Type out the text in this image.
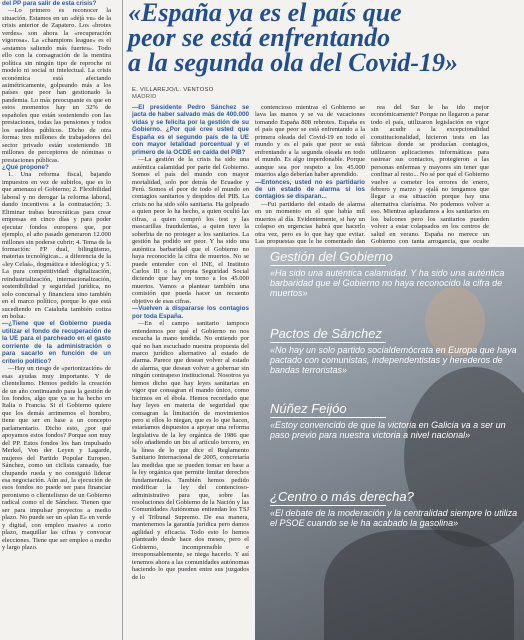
«España ya es el país que
peor se está enfrentando
a la segunda ola del Covid-19»
E. VILLAREJO/L. VENTOSO
MADRID

del PP para salir de esta crisis?

—Lo primero es reconocer la situación. Estamos en un «déjà vu» de la crisis anterior de Zapatero. Los «brotes verdes» son ahora la «recuperación vigorosa». La «champions league» es el «estamos saliendo más fuertes». Todo ello con la consagración de la mentira política sin ningún tipo de reproche ni modelo ni social ni intelectual. La crisis económica está afectando asimétricamente, golpeando más a los países que peor han gestionado la pandemia. Lo más preocupante es que en estos momentos hay un 32% de españoles que están sosteniendo con las prestaciones, todas las pensiones y todos los sueldos públicos. Dicho de otra forma: tres millones de trabajadores del sector privado están sosteniendo 18 millones de perceptores de nóminas o prestaciones públicas.

¿Qué propone?

1. Una reforma fiscal, bajando impuestos en vez de subirlos, que es lo que amenaza el Gobierno; 2. Flexibilidad laboral y no derogar la reforma laboral, dando incentivos a la contratación; 3. Eliminar trabas burocráticas para crear empresas en cinco días y para poder ejecutar fondos europeos que, por ejemplo, el año pasado generaron 12.000 millones sin poderse cubrir; 4. Tema de la formación: FP dual, bilingüismo, materias tecnológicas... a diferencia de la «ley Celaá», dogmática e ideológica; y 5. La pura competitividad: digitalización, reindustrialización, internacionalización, sostenibilidad y seguridad jurídica, no solo concursal y financiera sino también en el marco político, porque lo que está sucediendo en Cataluña también cotiza en bolsa.

—¿Tiene que el Gobierno pueda utilizar el fondo de recuperación de la UE para el parcheado en el gasto corriente de la administración o para sacarlo en función de un criterio político?

—Hay un riesgo de «perionización» de esas ayudas muy importante. Y de clientelismo. Hemos pedido la creación de un año continuando para la gestión de los fondos, algo que ya se ha hecho en Italia o Francia. Si el Gobierno quiere que los demás arrimemos el hombro, tiene que ser en base a un concepto parlamentario. Dicho esto, ¿por qué apoyamos estos fondos? Porque son muy del PP. Estos fondos los han impulsado Merkel, Von der Leyen y Lagarde, mujeres del Partido Popular Europeo. Sánchez, como un ciclista cansado, fue chupando rueda y no consiguió liderar esa negociación. Aún así, la ejecución de esos fondos no puede ser para financiar peronismo o clientelismo de un Gobierno radical como el de Sánchez. Tienen que ser para impulsar proyectos a medio plazo. No puede ser un «plan E» en verde y digital, con empleo masivo a corto plazo, maquillar las cifras y convocar elecciones. Tiene que ser empleo a medio y largo plazo.

—El presidente Pedro Sánchez se jacta de haber salvado más de 400.000 vidas y se felicita por la gestión de su Gobierno. ¿Por qué cree usted que España es el segundo país de la UE con mayor letalidad porcentual y el primero de la OCDE en caída del PIB?

—La gestión de la crisis ha sido una auténtica calamidad por parte del Gobierno. Somos el país del mundo con mayor mortalidad, solo por detrás de Ecuador y Perú. Somos el peor de todo el mundo en contagios sanitarios y despidos del PIB. La crisis no ha sido sólo sanitaria. Ha golpeado a quien peor lo ha hecho, a quien ocultó las cifras, a quien compró los test y las mascarillas fraudulentas, a quien tuvo la soberbia de no proteger a los sanitarios. La gestión ha podido ser peor. Y ha sido una auténtica barbaridad que el Gobierno no haya reconocido la cifra de muertos. No se puede entender con el INE, el Instituto Carlos III o la propia Seguridad Social diciendo que hay en torno a los 45.000 muertos. Vamos a plantear también una comisión que pueda hacer un recuento objetivo de esas cifras.

—Vuelven a dispararse los contagios por toda España.

—En el campo sanitario tampoco entendemos por qué el Gobierno no nos escucha la mano tendida. No entiendo por qué no han escuchado nuestra propuesta del marco jurídico alternativo al estado de alarma. Parece que desean volver al estado de alarma, que desean volver a gobernar sin ningún contrapeso institucional. Nosotros ya hemos dicho que hay leyes sanitarias en vigor que consagran el mando único, como hicimos en el ébola. Hemos recordado que hay leyes en materia de seguridad que consagran la limitación de movimientos pero si ellos lo niegan, que es lo que hacen, estaríamos dispuestos a apoyar una reforma legislativa de la ley orgánica de 1986 que sólo añadiendo un bis al artículo tercero, en la línea de lo que dice el Reglamento Sanitario Internacional de 2005, concretaría las medidas que se pueden tomar en base a la ley orgánica que permite limitar derechos fundamentales. También hemos pedido modificar la ley del contencioso-administrativo para que, sobre las resoluciones del Gobierno de la Nación y las Comunidades Autónomas entiendan los TSJ y el Tribunal Supremo. De esa manera, mantenemos la garantía jurídica pero damos agilidad y eficacia. Todo esto lo hemos planteado desde hace dos meses, pero el Gobierno, incomprensible e irresponsablemente, se niega hacerlo. Y así tenemos ahora a las comunidades autónomas haciendo lo que pueden entre sus juzgados de lo

contencioso mientras el Gobierno se lava las manos y se va de vacaciones tomando España 808 rebrotes. España es el país que peor se está enfrentando a la primera oleada del Covid-19 en todo el mundo y es el país que peor se está enfrentando a la segunda oleada en todo el mundo. Es algo imperdonable. Porque aunque sea por respeto a los 45.000 muertos algo deberían haber aprendido.

—Entonces, usted no es partidario de un estado de alarma si los contagios se disparan...

—Fui partidario del estado de alarma en un momento en el que había mil muertos al día. Evidentemente, si hay un colapso en urgencias habrá que hacerlo otra vez, pero es lo que hay que evitar. Las propuestas que le he comentado dan

rea del Sur le ha ido mejor económicamente? Porque no llegaron a parar todo el país, utilizaron legislación en vigor sin acudir a la excepcionalidad constitucionalidad, hicieron tests en las fábricas donde se producían contagios, utilizaron aplicaciones informáticas para rastrear sus contactos, protegieron a las personas enfermas y mayores sin tener que confinar al resto... No sé por qué el Gobierno vuelve a cometer los errores de enero, febrero y marzo y ojalá no tengamos que llegar a esa situación porque hay una alternativa clarísima. No podemos volver a eso. Mientras aplaudamos a los sanitarios en los balcones pero los sanitarios pueden volver a estar colapsados en los centros de salud en verano. España no merece un Gobierno con tanta arrogancia, que oculte

Gestión del Gobierno
«Ha sido una auténtica calamidad. Y ha sido una auténtica barbaridad que el Gobierno no haya reconocido la cifra de muertos»
Pactos de Sánchez
«No hay un solo partido socialdemócrata en Europa que haya pactado con comunistas, independentistas y herederos de bandas terroristas»
Núñez Feijóo
«Estoy convencido de que la victoria en Galicia va a ser un paso previo para nuestra victoria a nivel nacional»
¿Centro o más derecha?
«El debate de la moderación y la centralidad siempre lo utiliza el PSOE cuando se le ha acabado la gasolina»
